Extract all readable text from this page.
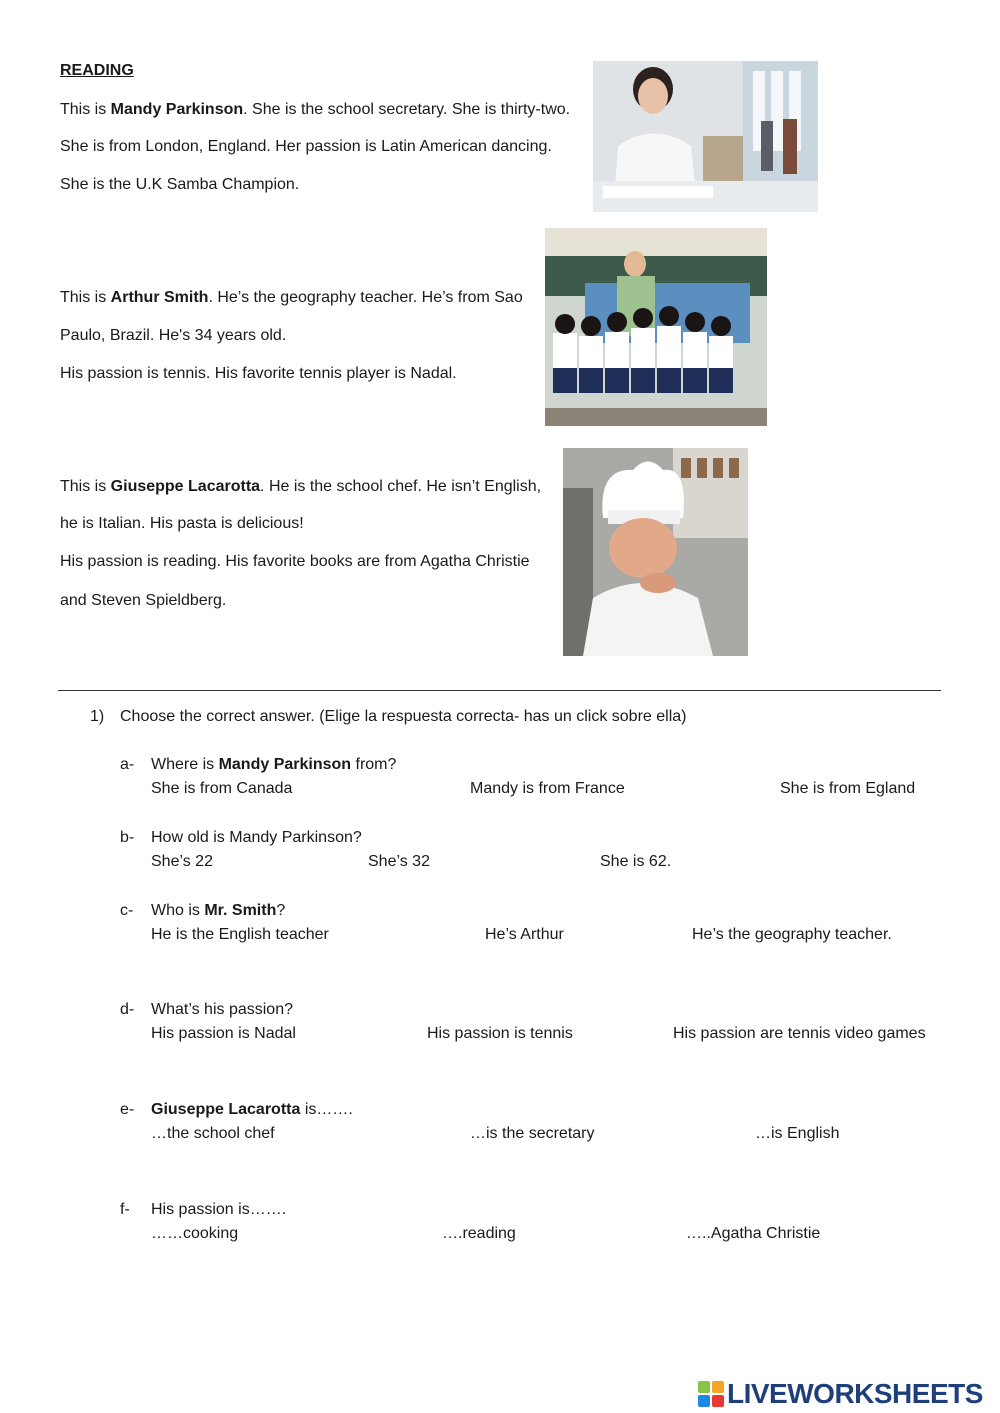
READING
This is Mandy Parkinson. She is the school secretary. She is thirty-two.
She is from London, England. Her passion is Latin American dancing.
She is the U.K Samba Champion.
This is Arthur Smith. He’s the geography teacher. He’s from Sao
Paulo, Brazil. He's 34 years old.
His passion is tennis. His favorite tennis player is Nadal.
This is Giuseppe Lacarotta. He is the school chef. He isn’t English,
he is Italian. His pasta is delicious!
His passion is reading. His favorite books are from Agatha Christie
and Steven Spieldberg.
1) Choose the correct answer. (Elige la respuesta correcta- has un click sobre ella)
a- Where is Mandy Parkinson from?
She is from Canada	Mandy is from France	She is from Egland
b- How old is Mandy Parkinson?
She’s 22	She’s 32	She is 62.
c- Who is Mr. Smith?
He is the English teacher	He’s Arthur	He’s the geography teacher.
d- What’s his passion?
His passion is Nadal	His passion is tennis	His passion are tennis video games
e- Giuseppe Lacarotta is…….
…the school chef	…is the secretary	…is English
f- His passion is…….
……cooking	….reading	…..Agatha Christie
LIVEWORKSHEETS
